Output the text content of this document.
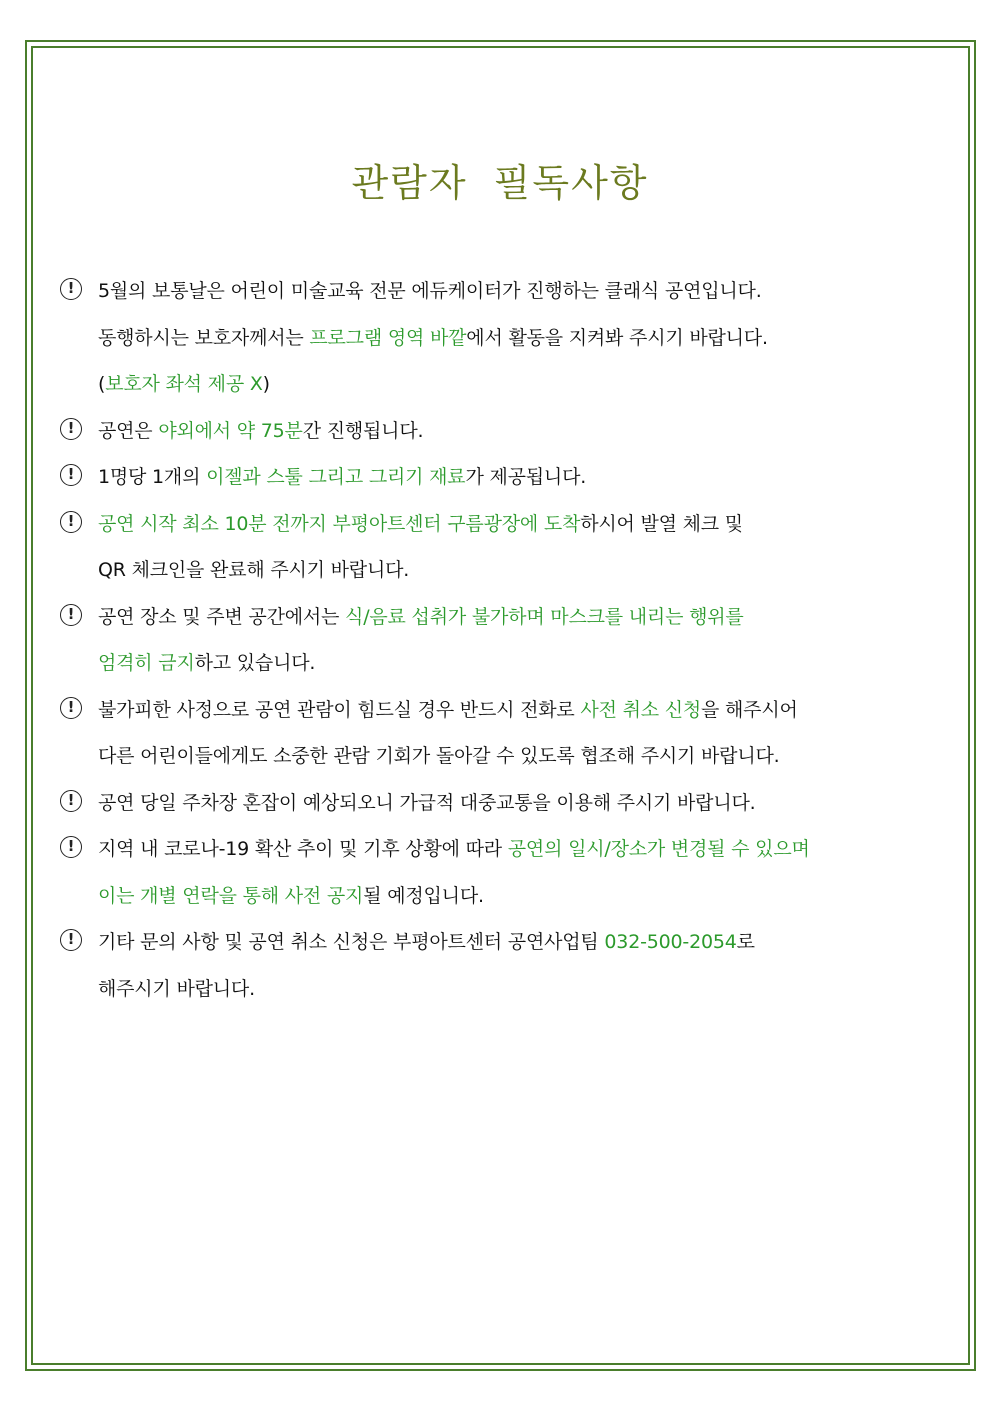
관람자 필독사항
!	5월의 보통날은 어린이 미술교육 전문 에듀케이터가 진행하는 클래식 공연입니다.
동행하시는 보호자께서는 프로그램 영역 바깥에서 활동을 지켜봐 주시기 바랍니다.
(보호자 좌석 제공 X)
!	공연은 야외에서 약 75분간 진행됩니다.
!	1명당 1개의 이젤과 스툴 그리고 그리기 재료가 제공됩니다.
!	공연 시작 최소 10분 전까지 부평아트센터 구름광장에 도착하시어 발열 체크 및
QR 체크인을 완료해 주시기 바랍니다.
!	공연 장소 및 주변 공간에서는 식/음료 섭취가 불가하며 마스크를 내리는 행위를
엄격히 금지하고 있습니다.
!	불가피한 사정으로 공연 관람이 힘드실 경우 반드시 전화로 사전 취소 신청을 해주시어
다른 어린이들에게도 소중한 관람 기회가 돌아갈 수 있도록 협조해 주시기 바랍니다.
!	공연 당일 주차장 혼잡이 예상되오니 가급적 대중교통을 이용해 주시기 바랍니다.
!	지역 내 코로나-19 확산 추이 및 기후 상황에 따라 공연의 일시/장소가 변경될 수 있으며
이는 개별 연락을 통해 사전 공지될 예정입니다.
!	기타 문의 사항 및 공연 취소 신청은 부평아트센터 공연사업팀 032-500-2054로
해주시기 바랍니다.
